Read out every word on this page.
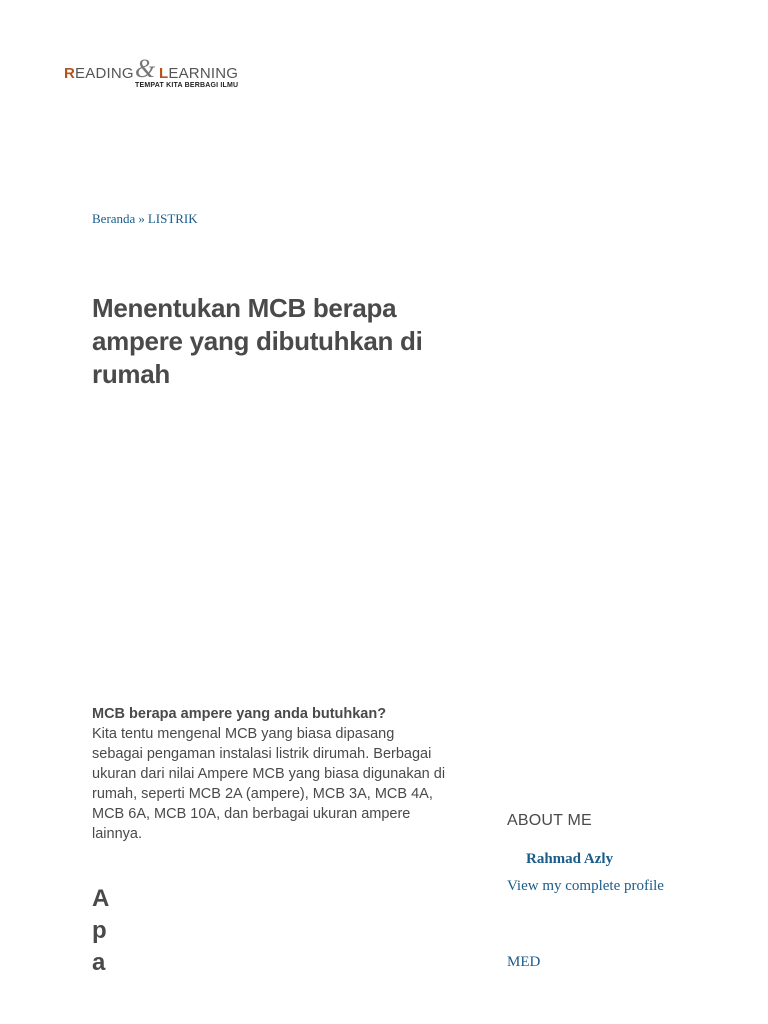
READING & LEARNING
TEMPAT KITA BERBAGI ILMU
Beranda » LISTRIK
Menentukan MCB berapa ampere yang dibutuhkan di rumah
MCB berapa ampere yang anda butuhkan?
Kita tentu mengenal MCB yang biasa dipasang sebagai pengaman instalasi listrik dirumah. Berbagai ukuran dari nilai Ampere MCB yang biasa digunakan di rumah, seperti MCB 2A (ampere), MCB 3A, MCB 4A, MCB 6A, MCB 10A, dan berbagai ukuran ampere lainnya.
A
p
a
ABOUT ME
Rahmad Azly
View my complete profile
MED
